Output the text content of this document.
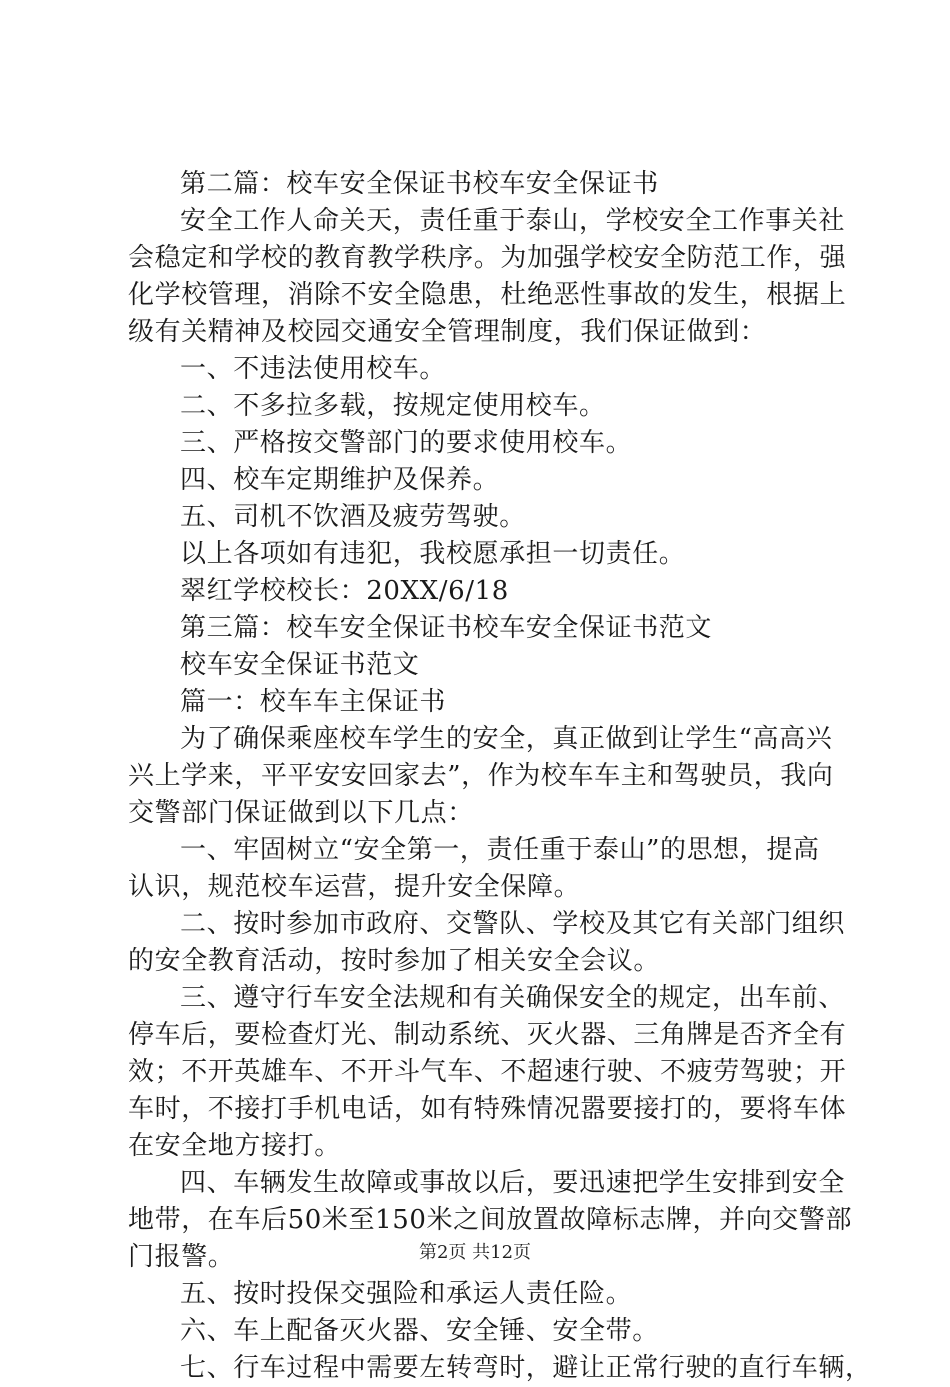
第二篇：校车安全保证书校车安全保证书
安全工作人命关天，责任重于泰山，学校安全工作事关社
会稳定和学校的教育教学秩序。为加强学校安全防范工作，强
化学校管理，消除不安全隐患，杜绝恶性事故的发生，根据上
级有关精神及校园交通安全管理制度，我们保证做到：
一、不违法使用校车。
二、不多拉多载，按规定使用校车。
三、严格按交警部门的要求使用校车。
四、校车定期维护及保养。
五、司机不饮酒及疲劳驾驶。
以上各项如有违犯，我校愿承担一切责任。
翠红学校校长：20XX/6/18
第三篇：校车安全保证书校车安全保证书范文
校车安全保证书范文
篇一：校车车主保证书
为了确保乘座校车学生的安全，真正做到让学生“高高兴
兴上学来，平平安安回家去”，作为校车车主和驾驶员，我向
交警部门保证做到以下几点：
一、牢固树立“安全第一，责任重于泰山”的思想，提高
认识，规范校车运营，提升安全保障。
二、按时参加市政府、交警队、学校及其它有关部门组织
的安全教育活动，按时参加了相关安全会议。
三、遵守行车安全法规和有关确保安全的规定，出车前、
停车后，要检查灯光、制动系统、灭火器、三角牌是否齐全有
效；不开英雄车、不开斗气车、不超速行驶、不疲劳驾驶；开
车时，不接打手机电话，如有特殊情况嚣要接打的，要将车体
在安全地方接打。
四、车辆发生故障或事故以后，要迅速把学生安排到安全
地带，在车后50米至150米之间放置故障标志牌，并向交警部
门报警。
五、按时投保交强险和承运人责任险。
六、车上配备灭火器、安全锤、安全带。
七、行车过程中需要左转弯时，避让正常行驶的直行车辆，
第2页 共12页
